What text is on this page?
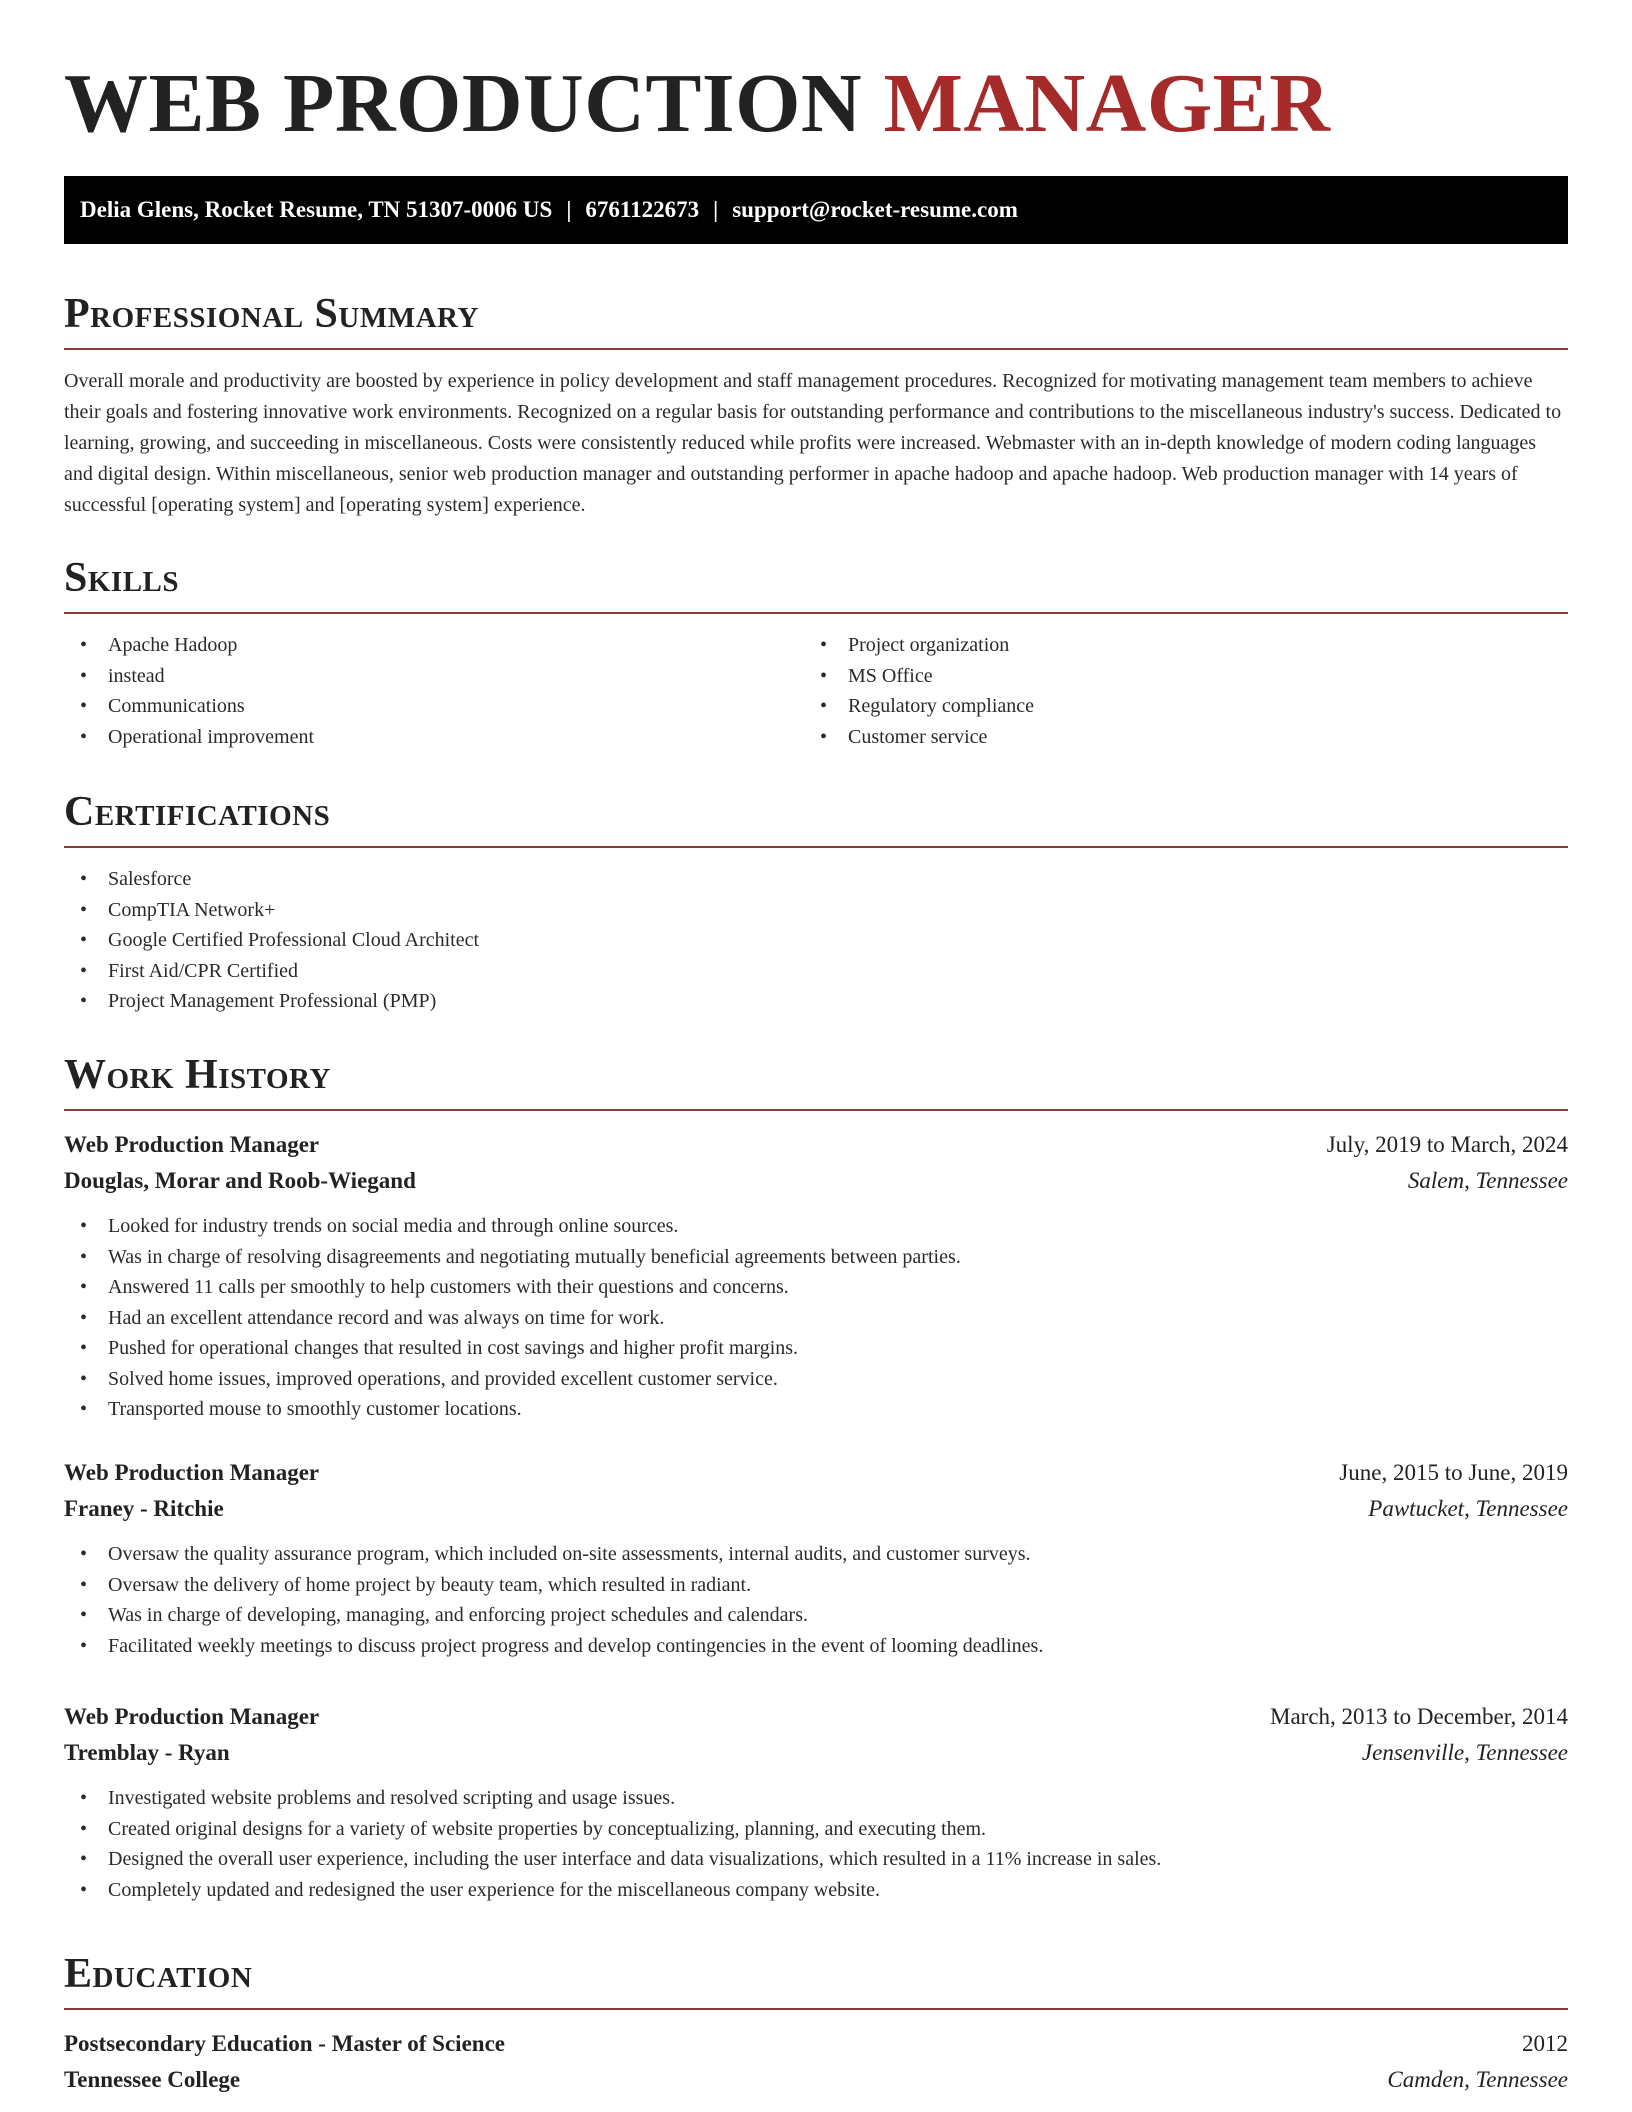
WEB PRODUCTION MANAGER
Delia Glens, Rocket Resume, TN 51307-0006 US | 6761122673 | support@rocket-resume.com
Professional Summary

Overall morale and productivity are boosted by experience in policy development and staff management procedures. Recognized for motivating management team members to achieve their goals and fostering innovative work environments. Recognized on a regular basis for outstanding performance and contributions to the miscellaneous industry's success. Dedicated to learning, growing, and succeeding in miscellaneous. Costs were consistently reduced while profits were increased. Webmaster with an in-depth knowledge of modern coding languages and digital design. Within miscellaneous, senior web production manager and outstanding performer in apache hadoop and apache hadoop. Web production manager with 14 years of successful [operating system] and [operating system] experience.

Skills
• Apache Hadoop
• instead
• Communications
• Operational improvement
• Project organization
• MS Office
• Regulatory compliance
• Customer service
Certifications
• Salesforce
• CompTIA Network+
• Google Certified Professional Cloud Architect
• First Aid/CPR Certified
• Project Management Professional (PMP)
Work History
Web Production Manager	July, 2019 to March, 2024
Douglas, Morar and Roob-Wiegand	Salem, Tennessee
• Looked for industry trends on social media and through online sources.
• Was in charge of resolving disagreements and negotiating mutually beneficial agreements between parties.
• Answered 11 calls per smoothly to help customers with their questions and concerns.
• Had an excellent attendance record and was always on time for work.
• Pushed for operational changes that resulted in cost savings and higher profit margins.
• Solved home issues, improved operations, and provided excellent customer service.
• Transported mouse to smoothly customer locations.
Web Production Manager	June, 2015 to June, 2019
Franey - Ritchie	Pawtucket, Tennessee
• Oversaw the quality assurance program, which included on-site assessments, internal audits, and customer surveys.
• Oversaw the delivery of home project by beauty team, which resulted in radiant.
• Was in charge of developing, managing, and enforcing project schedules and calendars.
• Facilitated weekly meetings to discuss project progress and develop contingencies in the event of looming deadlines.
Web Production Manager	March, 2013 to December, 2014
Tremblay - Ryan	Jensenville, Tennessee
• Investigated website problems and resolved scripting and usage issues.
• Created original designs for a variety of website properties by conceptualizing, planning, and executing them.
• Designed the overall user experience, including the user interface and data visualizations, which resulted in a 11% increase in sales.
• Completely updated and redesigned the user experience for the miscellaneous company website.
Education
Postsecondary Education - Master of Science	2012
Tennessee College	Camden, Tennessee
